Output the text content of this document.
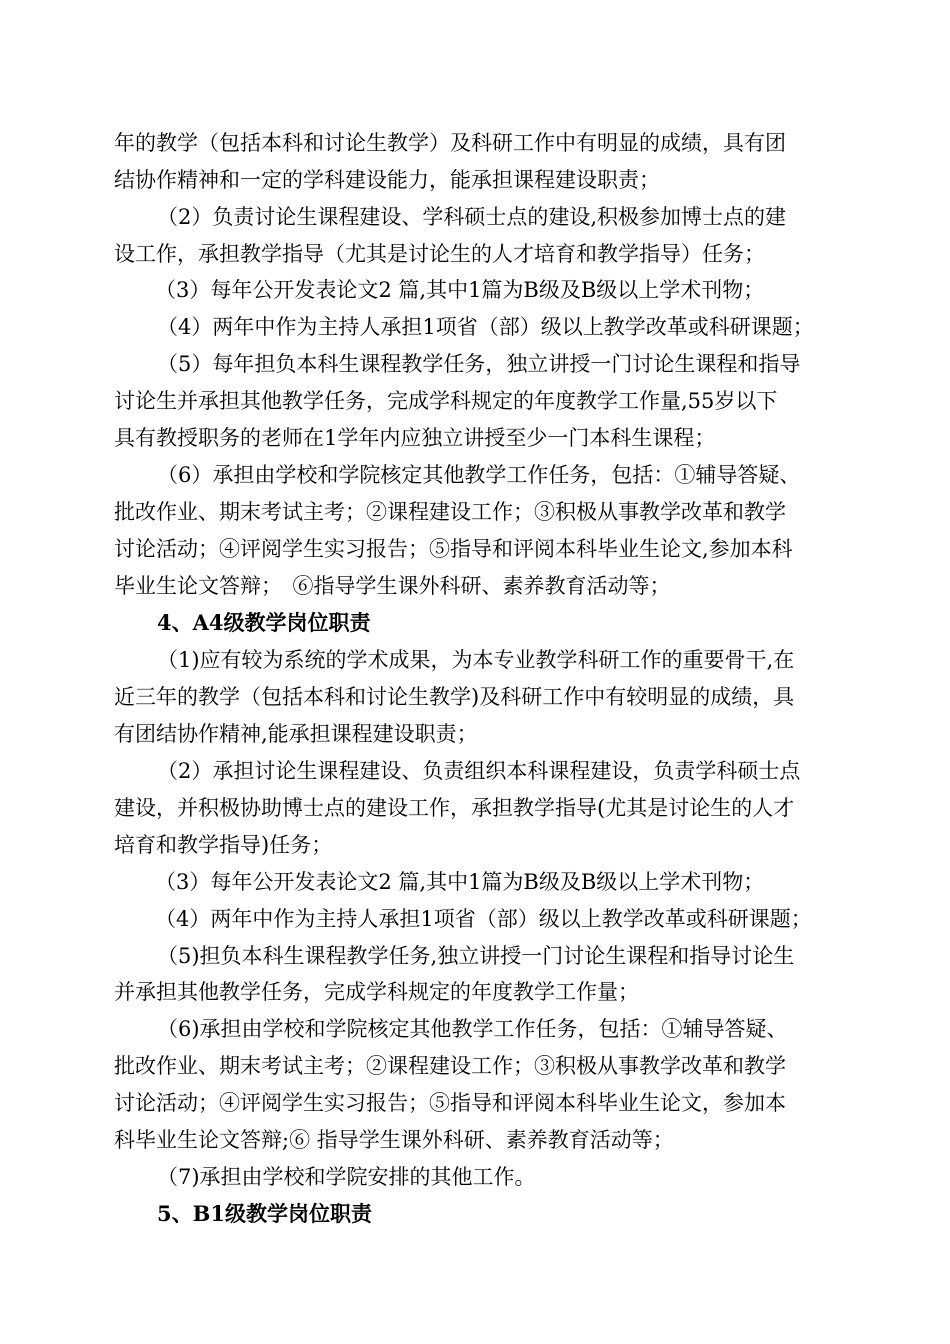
年的教学（包括本科和讨论生教学）及科研工作中有明显的成绩，具有团
结协作精神和一定的学科建设能力，能承担课程建设职责；
（2）负责讨论生课程建设、学科硕士点的建设,积极参加博士点的建
设工作，承担教学指导（尤其是讨论生的人才培育和教学指导）任务；
（3）每年公开发表论文2 篇,其中1篇为B级及B级以上学术刊物；
（4）两年中作为主持人承担1项省（部）级以上教学改革或科研课题；
（5）每年担负本科生课程教学任务，独立讲授一门讨论生课程和指导
讨论生并承担其他教学任务，完成学科规定的年度教学工作量,55岁以下
具有教授职务的老师在1学年内应独立讲授至少一门本科生课程；
（6）承担由学校和学院核定其他教学工作任务，包括：①辅导答疑、
批改作业、期末考试主考；②课程建设工作；③积极从事教学改革和教学
讨论活动；④评阅学生实习报告；⑤指导和评阅本科毕业生论文,参加本科
毕业生论文答辩；　⑥指导学生课外科研、素养教育活动等；
4、A4级教学岗位职责
（1)应有较为系统的学术成果，为本专业教学科研工作的重要骨干,在
近三年的教学（包括本科和讨论生教学)及科研工作中有较明显的成绩，具
有团结协作精神,能承担课程建设职责；
（2）承担讨论生课程建设、负责组织本科课程建设，负责学科硕士点
建设，并积极协助博士点的建设工作，承担教学指导(尤其是讨论生的人才
培育和教学指导)任务；
（3）每年公开发表论文2 篇,其中1篇为B级及B级以上学术刊物；
（4）两年中作为主持人承担1项省（部）级以上教学改革或科研课题；
（5)担负本科生课程教学任务,独立讲授一门讨论生课程和指导讨论生
并承担其他教学任务，完成学科规定的年度教学工作量；
（6)承担由学校和学院核定其他教学工作任务，包括：①辅导答疑、
批改作业、期末考试主考；②课程建设工作；③积极从事教学改革和教学
讨论活动；④评阅学生实习报告；⑤指导和评阅本科毕业生论文，参加本
科毕业生论文答辩;⑥ 指导学生课外科研、素养教育活动等；
（7)承担由学校和学院安排的其他工作。
5、B1级教学岗位职责
